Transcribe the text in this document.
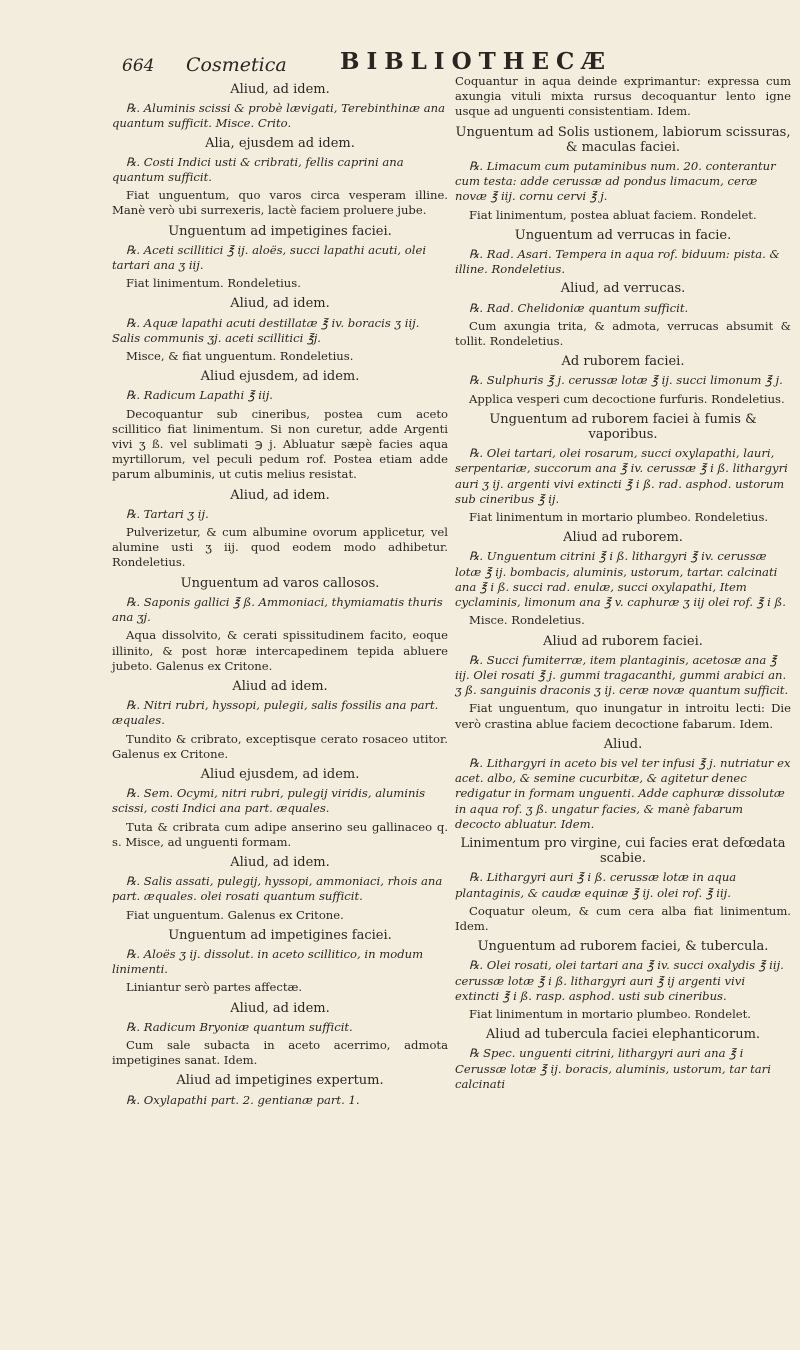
664 Cosmetica BIBLIOTHECÆ

Aliud, ad idem.

℞. Aluminis scissi & probè lævigati, Terebinthinæ ana quantum sufficit. Misce. Crito.

Alia, ejusdem ad idem.

℞. Costi Indici usti & cribrati, fellis caprini ana quantum sufficit.

Fiat unguentum, quo varos circa vesperam illine. Manè verò ubi surrexeris, lactè faciem proluere jube.

Unguentum ad impetigines faciei.

℞. Aceti scillitici ℥ ij. aloës, succi lapathi acuti, olei tartari ana ʒ iij.

Fiat linimentum. Rondeletius.

Aliud, ad idem.

℞. Aquæ lapathi acuti destillatæ ℥ iv. boracis ʒ iij. Salis communis ʒj. aceti scillitici ℥j.

Misce, & fiat unguentum. Rondeletius.

Aliud ejusdem, ad idem.

℞. Radicum Lapathi ℥ iij.

Decoquantur sub cineribus, postea cum aceto scillitico fiat linimentum. Si non curetur, adde Argenti vivi ʒ ß. vel sublimati ℈ j. Abluatur sæpè facies aqua myrtillorum, vel peculi pedum rof. Postea etiam adde parum albuminis, ut cutis melius resistat.

Aliud, ad idem.

℞. Tartari ʒ ij.

Pulverizetur, & cum albumine ovorum applicetur, vel alumine usti ʒ iij. quod eodem modo adhibetur. Rondeletius.

Unguentum ad varos callosos.

℞. Saponis gallici ℥ ß. Ammoniaci, thymiamatis thuris ana ʒj.

Aqua dissolvito, & cerati spissitudinem facito, eoque illinito, & post horæ intercapedinem tepida abluere jubeto. Galenus ex Critone.

Aliud ad idem.

℞. Nitri rubri, hyssopi, pulegii, salis fossilis ana part. æquales.

Tundito & cribrato, exceptisque cerato rosaceo utitor. Galenus ex Critone.

Aliud ejusdem, ad idem.

℞. Sem. Ocymi, nitri rubri, pulegij viridis, aluminis scissi, costi Indici ana part. æquales.

Tuta & cribrata cum adipe anserino seu gallinaceo q. s. Misce, ad unguenti formam.

Aliud, ad idem.

℞. Salis assati, pulegij, hyssopi, ammoniaci, rhois ana part. æquales. olei rosati quantum sufficit.

Fiat unguentum. Galenus ex Critone.

Unguentum ad impetigines faciei.

℞. Aloës ʒ ij. dissolut. in aceto scillitico, in modum linimenti.

Liniantur serò partes affectæ.

Aliud, ad idem.

℞. Radicum Bryoniæ quantum sufficit.

Cum sale subacta in aceto acerrimo, admota impetigines sanat. Idem.

Aliud ad impetigines expertum.

℞. Oxylapathi part. 2. gentianæ part. 1.

Coquantur in aqua deinde exprimantur: expressa cum axungia vituli mixta rursus decoquantur lento igne usque ad unguenti consistentiam. Idem.

Unguentum ad Solis ustionem, labiorum scissuras, & maculas faciei.

℞. Limacum cum putaminibus num. 20. conterantur cum testa: adde cerussæ ad pondus limacum, ceræ novæ ℥ iij. cornu cervi ℥ j.

Fiat linimentum, postea abluat faciem. Rondelet.

Unguentum ad verrucas in facie.

℞. Rad. Asari. Tempera in aqua rof. biduum: pista. & illine. Rondeletius.

Aliud, ad verrucas.

℞. Rad. Chelidoniæ quantum sufficit.

Cum axungia trita, & admota, verrucas absumit & tollit. Rondeletius.

Ad ruborem faciei.

℞. Sulphuris ℥ j. cerussæ lotæ ℥ ij. succi limonum ℥ j.

Applica vesperi cum decoctione furfuris. Rondeletius.

Unguentum ad ruborem faciei à fumis & vaporibus.

℞. Olei tartari, olei rosarum, succi oxylapathi, lauri, serpentariæ, succorum ana ℥ iv. cerussæ ℥ i ß. lithargyri auri ʒ ij. argenti vivi extincti ℥ i ß. rad. asphod. ustorum sub cineribus ℥ ij.

Fiat linimentum in mortario plumbeo. Rondeletius.

Aliud ad ruborem.

℞. Unguentum citrini ℥ i ß. lithargyri ℥ iv. cerussæ lotæ ℥ ij. bombacis, aluminis, ustorum, tartar. calcinati ana ℥ i ß. succi rad. enulæ, succi oxylapathi, Item cyclaminis, limonum ana ℥ v. caphuræ ʒ iij olei rof. ℥ i ß.

Misce. Rondeletius.

Aliud ad ruborem faciei.

℞. Succi fumiterræ, item plantaginis, acetosæ ana ℥ iij. Olei rosati ℥ j. gummi tragacanthi, gummi arabici an. ʒ ß. sanguinis draconis ʒ ij. ceræ novæ quantum sufficit.

Fiat unguentum, quo inungatur in introitu lecti: Die verò crastina ablue faciem decoctione fabarum. Idem.

Aliud.

℞. Lithargyri in aceto bis vel ter infusi ℥ j. nutriatur ex acet. albo, & semine cucurbitæ, & agitetur denec redigatur in formam unguenti. Adde caphuræ dissolutæ in aqua rof. ʒ ß. ungatur facies, & manè fabarum decocto abluatur. Idem.

Linimentum pro virgine, cui facies erat defœdata scabie.

℞. Lithargyri auri ℥ i ß. cerussæ lotæ in aqua plantaginis, & caudæ equinæ ℥ ij. olei rof. ℥ iij.

Coquatur oleum, & cum cera alba fiat linimentum. Idem.

Unguentum ad ruborem faciei, & tubercula.

℞. Olei rosati, olei tartari ana ℥ iv. succi oxalydis ℥ iij. cerussæ lotæ ℥ i ß. lithargyri auri ℥ ij argenti vivi extincti ℥ i ß. rasp. asphod. usti sub cineribus.

Fiat linimentum in mortario plumbeo. Rondelet.

Aliud ad tubercula faciei elephanticorum.

℞ Spec. unguenti citrini, lithargyri auri ana ℥ i Cerussæ lotæ ℥ ij. boracis, aluminis, ustorum, tar tari calcinati
